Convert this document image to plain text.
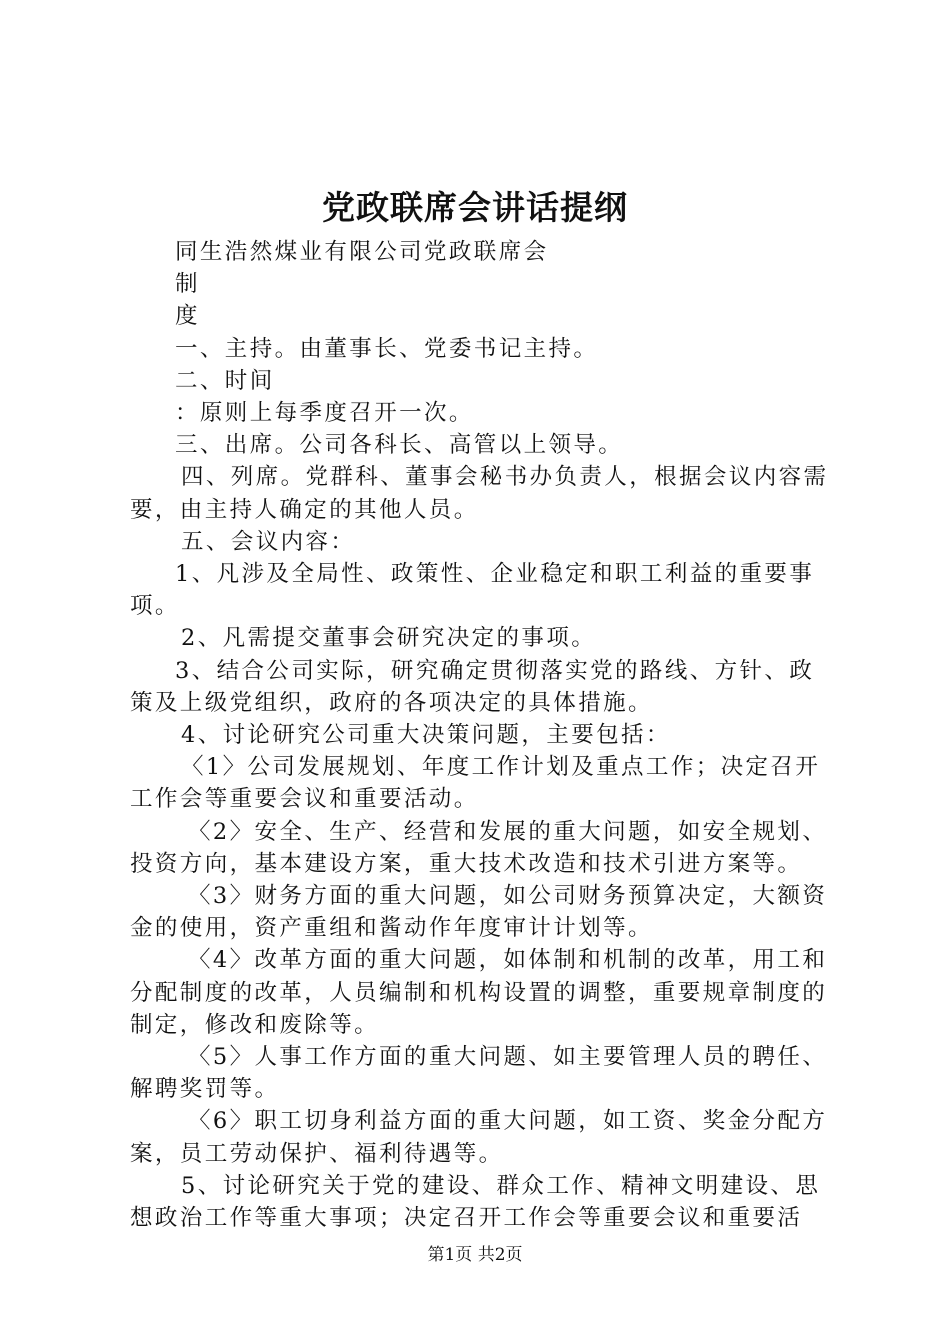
党政联席会讲话提纲

同生浩然煤业有限公司党政联席会

制

度

一、主持。由董事长、党委书记主持。

二、时间

：原则上每季度召开一次。

三、出席。公司各科长、高管以上领导。

四、列席。党群科、董事会秘书办负责人，根据会议内容需要，由主持人确定的其他人员。

五、会议内容：

1、凡涉及全局性、政策性、企业稳定和职工利益的重要事项。

2、凡需提交董事会研究决定的事项。

3、结合公司实际，研究确定贯彻落实党的路线、方针、政策及上级党组织，政府的各项决定的具体措施。

4、讨论研究公司重大决策问题，主要包括：

〈1〉公司发展规划、年度工作计划及重点工作；决定召开工作会等重要会议和重要活动。

〈2〉安全、生产、经营和发展的重大问题，如安全规划、投资方向，基本建设方案，重大技术改造和技术引进方案等。

〈3〉财务方面的重大问题，如公司财务预算决定，大额资金的使用，资产重组和酱动作年度审计计划等。

〈4〉改革方面的重大问题，如体制和机制的改革，用工和分配制度的改革，人员编制和机构设置的调整，重要规章制度的制定，修改和废除等。

〈5〉人事工作方面的重大问题、如主要管理人员的聘任、解聘奖罚等。

〈6〉职工切身利益方面的重大问题，如工资、奖金分配方案，员工劳动保护、福利待遇等。

5、讨论研究关于党的建设、群众工作、精神文明建设、思想政治工作等重大事项；决定召开工作会等重要会议和重要活

第1页 共2页
